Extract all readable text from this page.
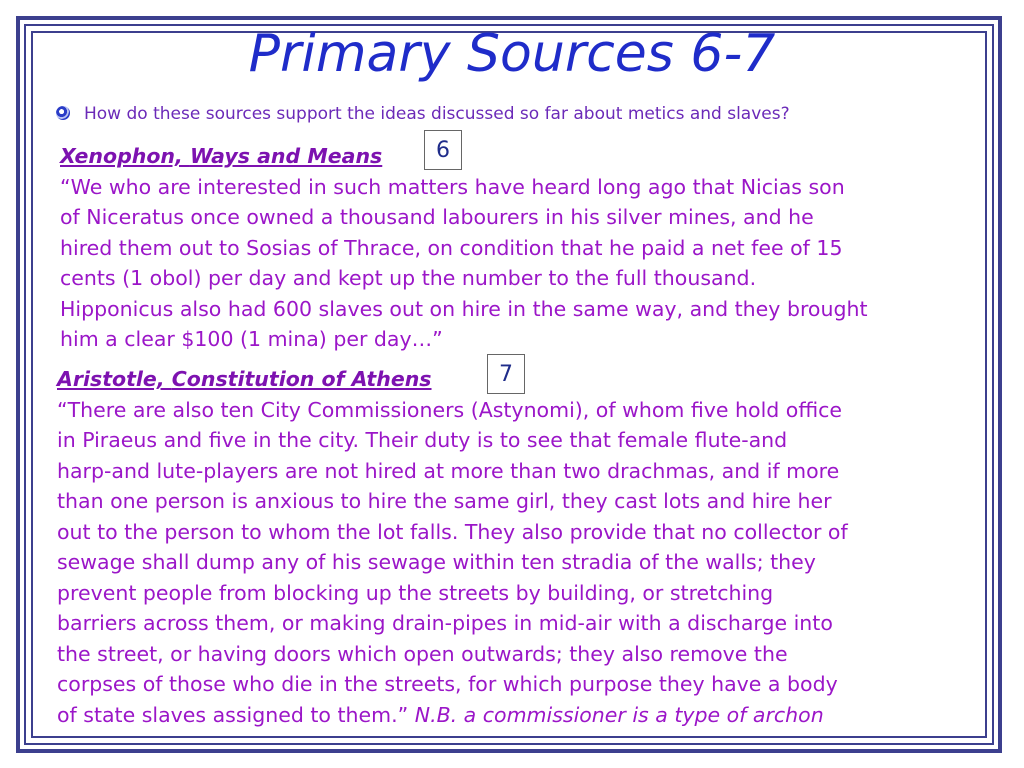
Primary Sources 6-7
How do these sources support the ideas discussed so far about metics and slaves?
Xenophon, Ways and Means
“We who are interested in such matters have heard long ago that Nicias son
of Niceratus once owned a thousand labourers in his silver mines, and he
hired them out to Sosias of Thrace, on condition that he paid a net fee of 15
cents (1 obol) per day and kept up the number to the full thousand.
Hipponicus also had 600 slaves out on hire in the same way, and they brought
him a clear $100 (1 mina) per day…”
6
Aristotle, Constitution of Athens
“There are also ten City Commissioners (Astynomi), of whom five hold office
in Piraeus and five in the city. Their duty is to see that female flute-and
harp-and lute-players are not hired at more than two drachmas, and if more
than one person is anxious to hire the same girl, they cast lots and hire her
out to the person to whom the lot falls. They also provide that no collector of
sewage shall dump any of his sewage within ten stradia of the walls; they
prevent people from blocking up the streets by building, or stretching
barriers across them, or making drain-pipes in mid-air with a discharge into
the street, or having doors which open outwards; they also remove the
corpses of those who die in the streets, for which purpose they have a body
of state slaves assigned to them.” N.B. a commissioner is a type of archon
7
